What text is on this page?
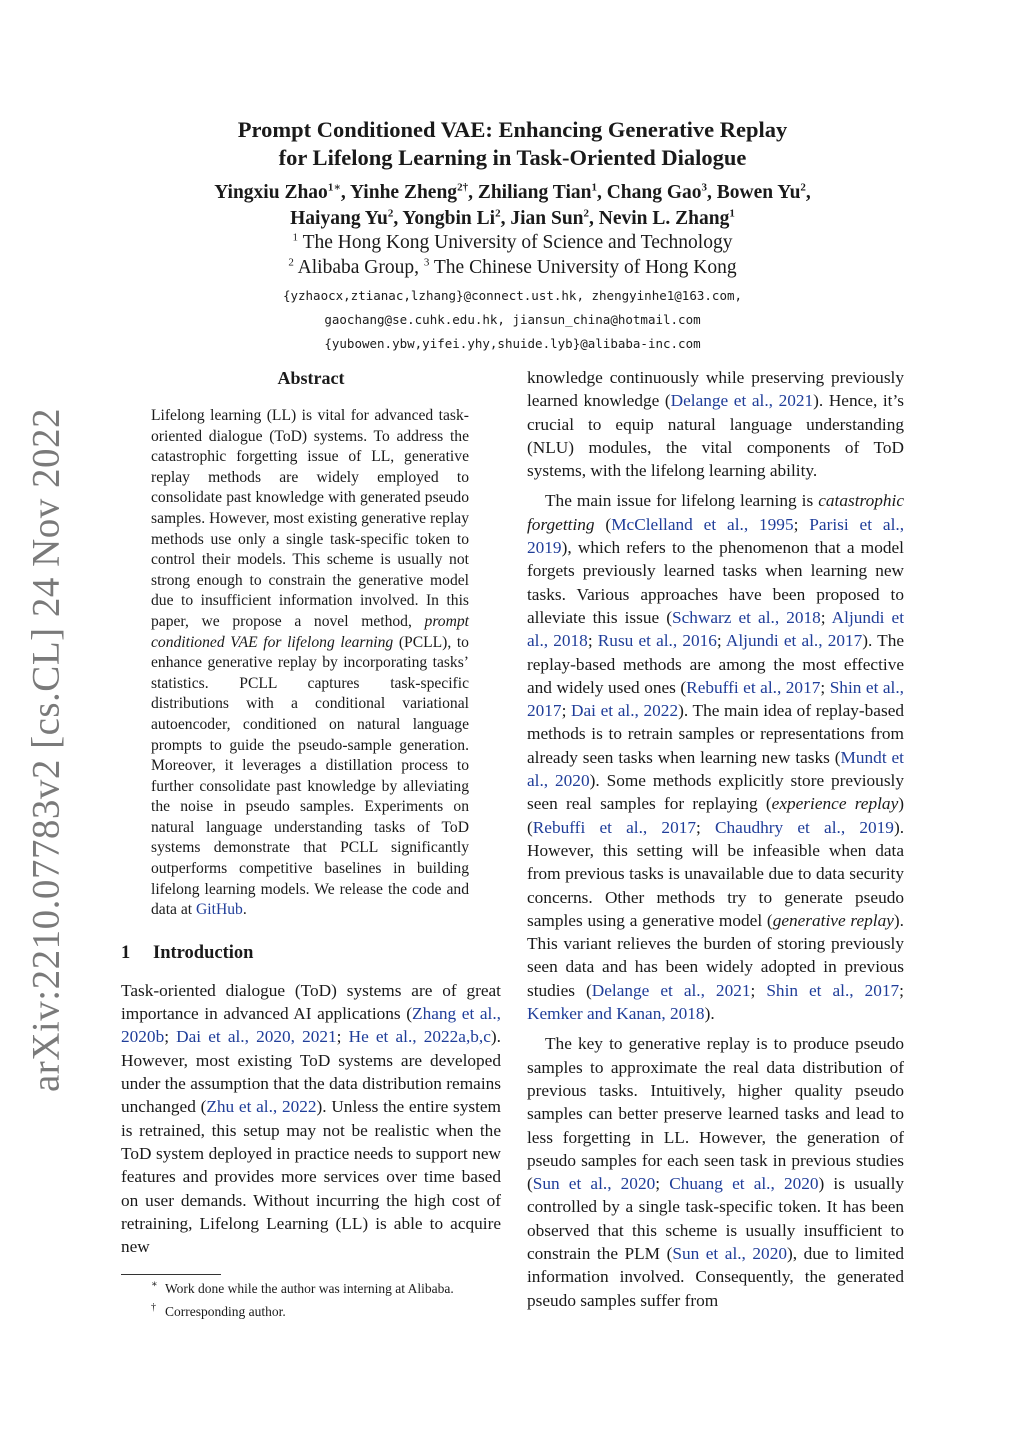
arXiv:2210.07783v2 [cs.CL] 24 Nov 2022
Prompt Conditioned VAE: Enhancing Generative Replay
for Lifelong Learning in Task-Oriented Dialogue
Yingxiu Zhao$^{1∗}$, Yinhe Zheng$^{2\dagger}$, Zhiliang Tian$^1$, Chang Gao$^3$, Bowen Yu$^2$,
Haiyang Yu$^2$, Yongbin Li$^2$, Jian Sun$^2$, Nevin L. Zhang$^1$
$^1$ The Hong Kong University of Science and Technology
$^2$ Alibaba Group, $^3$ The Chinese University of Hong Kong
{yzhaocx,ztianac,lzhang}@connect.ust.hk, zhengyinhe1@163.com,
gaochang@se.cuhk.edu.hk, jiansun_china@hotmail.com
{yubowen.ybw,yifei.yhy,shuide.lyb}@alibaba-inc.com
Abstract
Lifelong learning (LL) is vital for advanced task-oriented dialogue (ToD) systems. To address the catastrophic forgetting issue of LL, generative replay methods are widely employed to consolidate past knowledge with generated pseudo samples. However, most existing generative replay methods use only a single task-specific token to control their models. This scheme is usually not strong enough to constrain the generative model due to insufficient information involved. In this paper, we propose a novel method, prompt conditioned VAE for lifelong learning (PCLL), to enhance generative replay by incorporating tasks’ statistics. PCLL captures task-specific distributions with a conditional variational autoencoder, conditioned on natural language prompts to guide the pseudo-sample generation. Moreover, it leverages a distillation process to further consolidate past knowledge by alleviating the noise in pseudo samples. Experiments on natural language understanding tasks of ToD systems demonstrate that PCLL significantly outperforms competitive baselines in building lifelong learning models. We release the code and data at GitHub.
1 Introduction

Task-oriented dialogue (ToD) systems are of great importance in advanced AI applications (Zhang et al., 2020b; Dai et al., 2020, 2021; He et al., 2022a,b,c). However, most existing ToD systems are developed under the assumption that the data distribution remains unchanged (Zhu et al., 2022). Unless the entire system is retrained, this setup may not be realistic when the ToD system deployed in practice needs to support new features and provides more services over time based on user demands. Without incurring the high cost of retraining, Lifelong Learning (LL) is able to acquire new

∗ Work done while the author was interning at Alibaba.
† Corresponding author.

knowledge continuously while preserving previously learned knowledge (Delange et al., 2021). Hence, it’s crucial to equip natural language understanding (NLU) modules, the vital components of ToD systems, with the lifelong learning ability.

The main issue for lifelong learning is catastrophic forgetting (McClelland et al., 1995; Parisi et al., 2019), which refers to the phenomenon that a model forgets previously learned tasks when learning new tasks. Various approaches have been proposed to alleviate this issue (Schwarz et al., 2018; Aljundi et al., 2018; Rusu et al., 2016; Aljundi et al., 2017). The replay-based methods are among the most effective and widely used ones (Rebuffi et al., 2017; Shin et al., 2017; Dai et al., 2022). The main idea of replay-based methods is to retrain samples or representations from already seen tasks when learning new tasks (Mundt et al., 2020). Some methods explicitly store previously seen real samples for replaying (experience replay) (Rebuffi et al., 2017; Chaudhry et al., 2019). However, this setting will be infeasible when data from previous tasks is unavailable due to data security concerns. Other methods try to generate pseudo samples using a generative model (generative replay). This variant relieves the burden of storing previously seen data and has been widely adopted in previous studies (Delange et al., 2021; Shin et al., 2017; Kemker and Kanan, 2018).

The key to generative replay is to produce pseudo samples to approximate the real data distribution of previous tasks. Intuitively, higher quality pseudo samples can better preserve learned tasks and lead to less forgetting in LL. However, the generation of pseudo samples for each seen task in previous studies (Sun et al., 2020; Chuang et al., 2020) is usually controlled by a single task-specific token. It has been observed that this scheme is usually insufficient to constrain the PLM (Sun et al., 2020), due to limited information involved. Consequently, the generated pseudo samples suffer from
